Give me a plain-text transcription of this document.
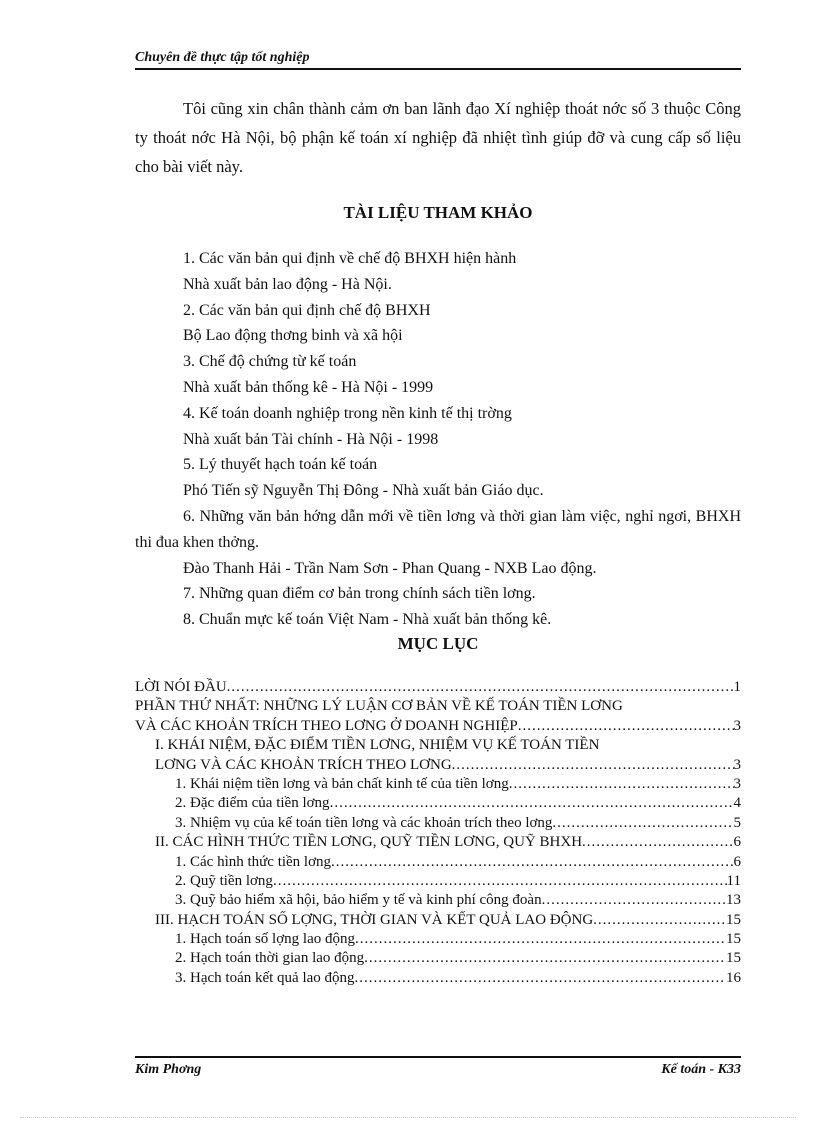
Chuyên đề thực tập tốt nghiệp
Tôi cũng xin chân thành cảm ơn ban lãnh đạo Xí nghiệp thoát nớc số 3 thuộc Công ty thoát nớc Hà Nội, bộ phận kế toán xí nghiệp đã nhiệt tình giúp đỡ và cung cấp số liệu cho bài viết này.
TÀI LIỆU THAM KHẢO
1. Các văn bản qui định về chế độ BHXH hiện hành
Nhà xuất bản lao động - Hà Nội.
2. Các văn bản qui định chế độ BHXH
Bộ Lao động thơng binh và xã hội
3. Chế độ chứng từ kế toán
Nhà xuất bản thống kê - Hà Nội - 1999
4. Kế toán doanh nghiệp trong nền kinh tế thị trờng
Nhà xuất bản Tài chính - Hà Nội - 1998
5. Lý thuyết hạch toán kế toán
Phó Tiến sỹ Nguyễn Thị Đông - Nhà xuất bản Giáo dục.
6. Những văn bản hớng dẫn mới về tiền lơng và thời gian làm việc, nghỉ ngơi, BHXH thi đua khen thởng.
Đào Thanh Hải - Trần Nam Sơn - Phan Quang - NXB Lao động.
7. Những quan điểm cơ bản trong chính sách tiền lơng.
8. Chuẩn mực kế toán Việt Nam - Nhà xuất bản thống kê.
MỤC LỤC
LỜI NÓI ĐẦU .....	1
PHẦN THỨ NHẤT: NHỮNG LÝ LUẬN CƠ BẢN VỀ KẾ TOÁN TIỀN LƠNG
VÀ CÁC KHOẢN TRÍCH THEO LƠNG Ở DOANH NGHIỆP .....	3
I. KHÁI NIỆM, ĐẶC ĐIỂM TIỀN LƠNG, NHIỆM VỤ KẾ TOÁN TIỀN
LƠNG VÀ CÁC KHOẢN TRÍCH THEO LƠNG .....	3
1. Khái niệm tiền lơng và bản chất kinh tế của tiền lơng .....	3
2. Đặc điểm của tiền lơng .....	4
3. Nhiệm vụ của kế toán tiền lơng và các khoản trích theo lơng .....	5
II. CÁC HÌNH THỨC TIỀN LƠNG, QUỸ TIỀN LƠNG, QUỸ BHXH .....	6
1. Các hình thức tiền lơng .....	6
2. Quỹ tiền lơng .....	11
3. Quỹ bảo hiểm xã hội, bảo hiểm y tế và kinh phí công đoàn .....	13
III. HẠCH TOÁN SỐ LỢNG, THỜI GIAN VÀ KẾT QUẢ LAO ĐỘNG .....	15
1. Hạch toán số lợng lao động .....	15
2. Hạch toán thời gian lao động .....	15
3. Hạch toán kết quả lao động .....	16
Kim Phơng	Kế toán - K33
